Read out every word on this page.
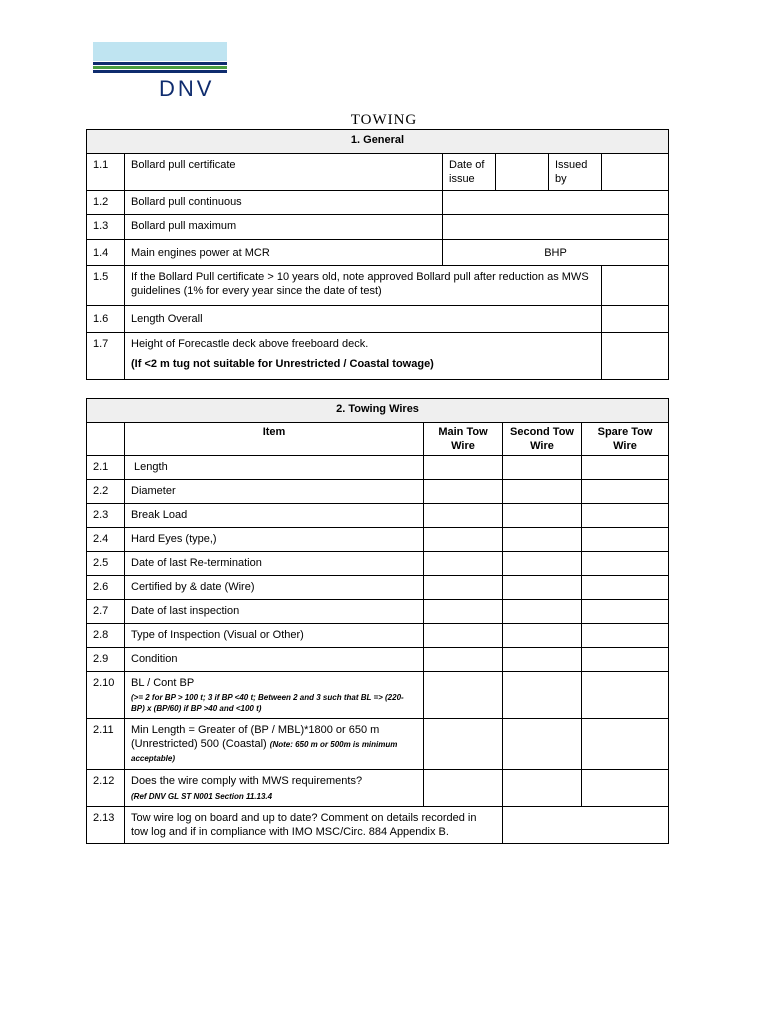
DNV
TOWING
1. General					
1.1	Bollard pull certificate	Date of issue		Issued by	
1.2	Bollard pull continuous				
1.3	Bollard pull maximum				
1.4	Main engines power at MCR	BHP			
1.5	If the Bollard Pull certificate > 10 years old, note approved Bollard pull after reduction as MWS guidelines (1% for every year since the date of test)				
1.6	Length Overall				
1.7	Height of Forecastle deck above freeboard deck.
(If <2 m tug not suitable for Unrestricted / Coastal towage)				

2. Towing Wires				
	Item	Main Tow Wire	Second Tow Wire	Spare Tow Wire
2.1	Length			
2.2	Diameter			
2.3	Break Load			
2.4	Hard Eyes (type,)			
2.5	Date of last Re-termination			
2.6	Certified by & date (Wire)			
2.7	Date of last inspection			
2.8	Type of Inspection (Visual or Other)			
2.9	Condition			
2.10	BL / Cont BP
(>= 2 for BP > 100 t; 3 if BP <40 t; Between 2 and 3 such that BL => (220-BP) x (BP/60) if BP >40 and <100 t)			

2.11	Min Length = Greater of (BP / MBL)*1800 or 650 m (Unrestricted) 500 (Coastal) (Note: 650 m or 500m is minimum acceptable)			
2.12	Does the wire comply with MWS requirements?
(Ref DNV GL ST N001 Section 11.13.4			

2.13	Tow wire log on board and up to date? Comment on details recorded in tow log and if in compliance with IMO MSC/Circ. 884 Appendix B.			
